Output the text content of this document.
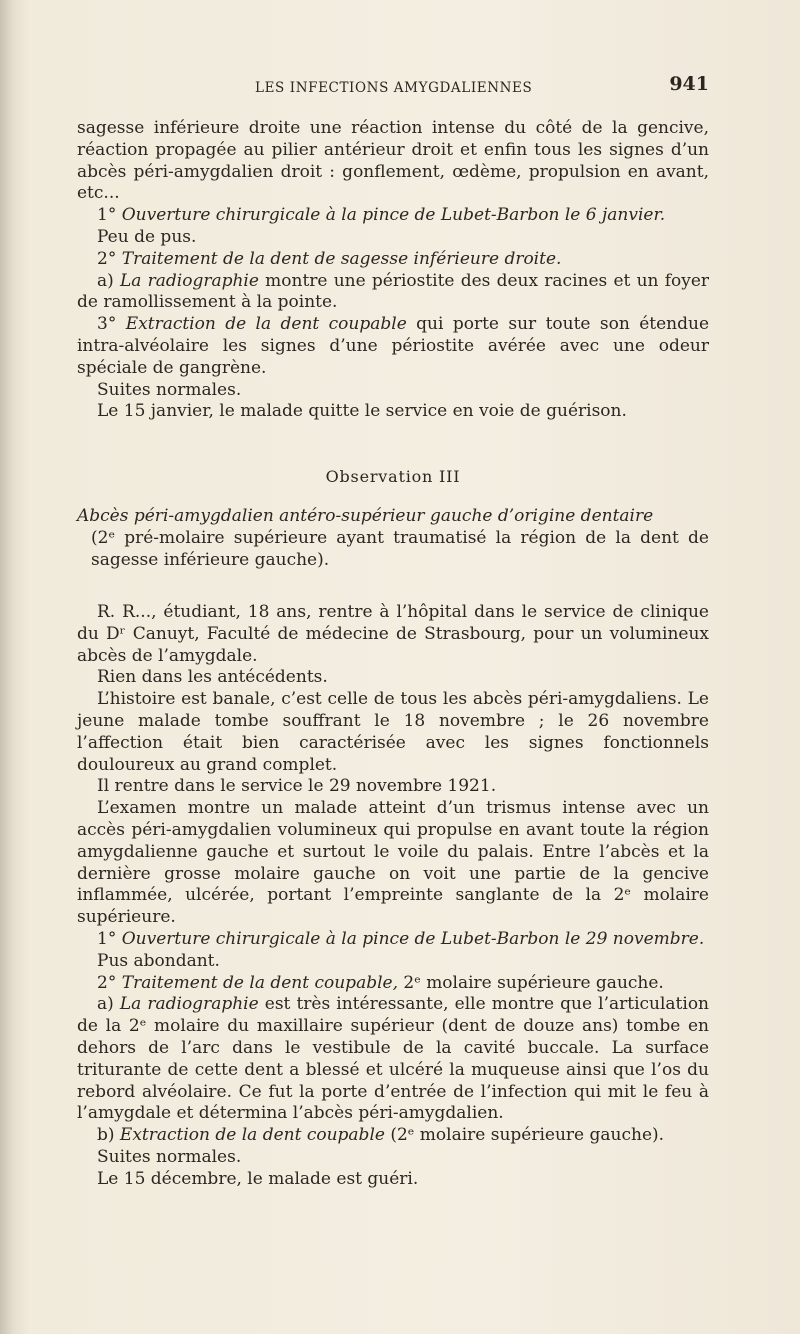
LES INFECTIONS AMYGDALIENNES	941

sagesse inférieure droite une réaction intense du côté de la gencive, réaction propagée au pilier antérieur droit et enfin tous les signes d’un abcès péri-amygdalien droit : gonflement, œdème, propulsion en avant, etc...

1° Ouverture chirurgicale à la pince de Lubet-Barbon le 6 janvier.

Peu de pus.

2° Traitement de la dent de sagesse inférieure droite.

a) La radiographie montre une périostite des deux racines et un foyer de ramollissement à la pointe.

3° Extraction de la dent coupable qui porte sur toute son étendue intra-alvéolaire les signes d’une périostite avérée avec une odeur spéciale de gangrène.

Suites normales.

Le 15 janvier, le malade quitte le service en voie de guérison.

Observation III

Abcès péri-amygdalien antéro-supérieur gauche d’origine dentaire

(2ᵉ pré-molaire supérieure ayant traumatisé la région de la dent de sagesse inférieure gauche).

R. R..., étudiant, 18 ans, rentre à l’hôpital dans le service de clinique du Dʳ Canuyt, Faculté de médecine de Strasbourg, pour un volumineux abcès de l’amygdale.

Rien dans les antécédents.

L’histoire est banale, c’est celle de tous les abcès péri-amygdaliens. Le jeune malade tombe souffrant le 18 novembre ; le 26 novembre l’affection était bien caractérisée avec les signes fonctionnels douloureux au grand complet.

Il rentre dans le service le 29 novembre 1921.

L’examen montre un malade atteint d’un trismus intense avec un accès péri-amygdalien volumineux qui propulse en avant toute la région amygdalienne gauche et surtout le voile du palais. Entre l’abcès et la dernière grosse molaire gauche on voit une partie de la gencive inflammée, ulcérée, portant l’empreinte sanglante de la 2ᵉ molaire supérieure.

1° Ouverture chirurgicale à la pince de Lubet-Barbon le 29 novembre.

Pus abondant.

2° Traitement de la dent coupable, 2ᵉ molaire supérieure gauche.

a) La radiographie est très intéressante, elle montre que l’articulation de la 2ᵉ molaire du maxillaire supérieur (dent de douze ans) tombe en dehors de l’arc dans le vestibule de la cavité buccale. La surface triturante de cette dent a blessé et ulcéré la muqueuse ainsi que l’os du rebord alvéolaire. Ce fut la porte d’entrée de l’infection qui mit le feu à l’amygdale et détermina l’abcès péri-amygdalien.

b) Extraction de la dent coupable (2ᵉ molaire supérieure gauche).

Suites normales.

Le 15 décembre, le malade est guéri.
